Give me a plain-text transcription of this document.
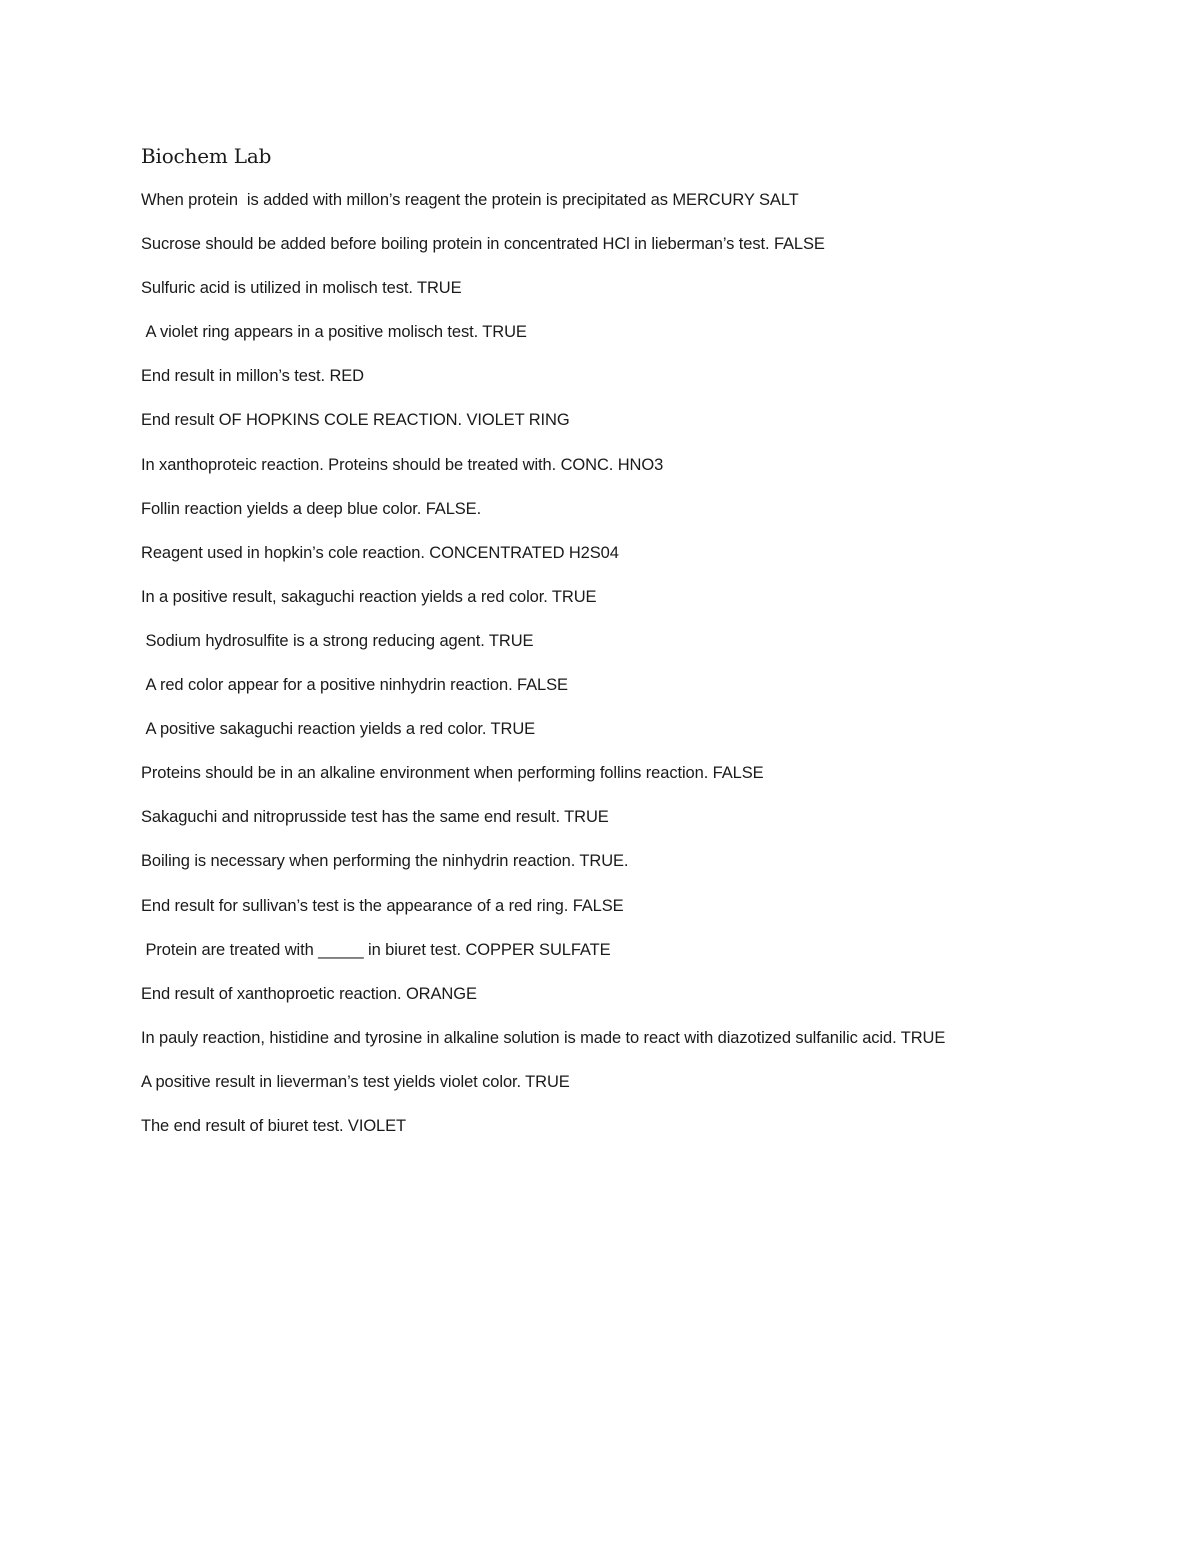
Biochem Lab
When protein  is added with millon’s reagent the protein is precipitated as MERCURY SALT
Sucrose should be added before boiling protein in concentrated HCl in lieberman’s test. FALSE
Sulfuric acid is utilized in molisch test. TRUE
A violet ring appears in a positive molisch test. TRUE
End result in millon’s test. RED
End result OF HOPKINS COLE REACTION. VIOLET RING
In xanthoproteic reaction. Proteins should be treated with. CONC. HNO3
Follin reaction yields a deep blue color. FALSE.
Reagent used in hopkin’s cole reaction. CONCENTRATED H2S04
In a positive result, sakaguchi reaction yields a red color. TRUE
Sodium hydrosulfite is a strong reducing agent. TRUE
A red color appear for a positive ninhydrin reaction. FALSE
A positive sakaguchi reaction yields a red color. TRUE
Proteins should be in an alkaline environment when performing follins reaction. FALSE
Sakaguchi and nitroprusside test has the same end result. TRUE
Boiling is necessary when performing the ninhydrin reaction. TRUE.
End result for sullivan’s test is the appearance of a red ring. FALSE
Protein are treated with _____ in biuret test. COPPER SULFATE
End result of xanthoproetic reaction. ORANGE
In pauly reaction, histidine and tyrosine in alkaline solution is made to react with diazotized sulfanilic acid. TRUE
A positive result in lieverman’s test yields violet color. TRUE
The end result of biuret test. VIOLET
